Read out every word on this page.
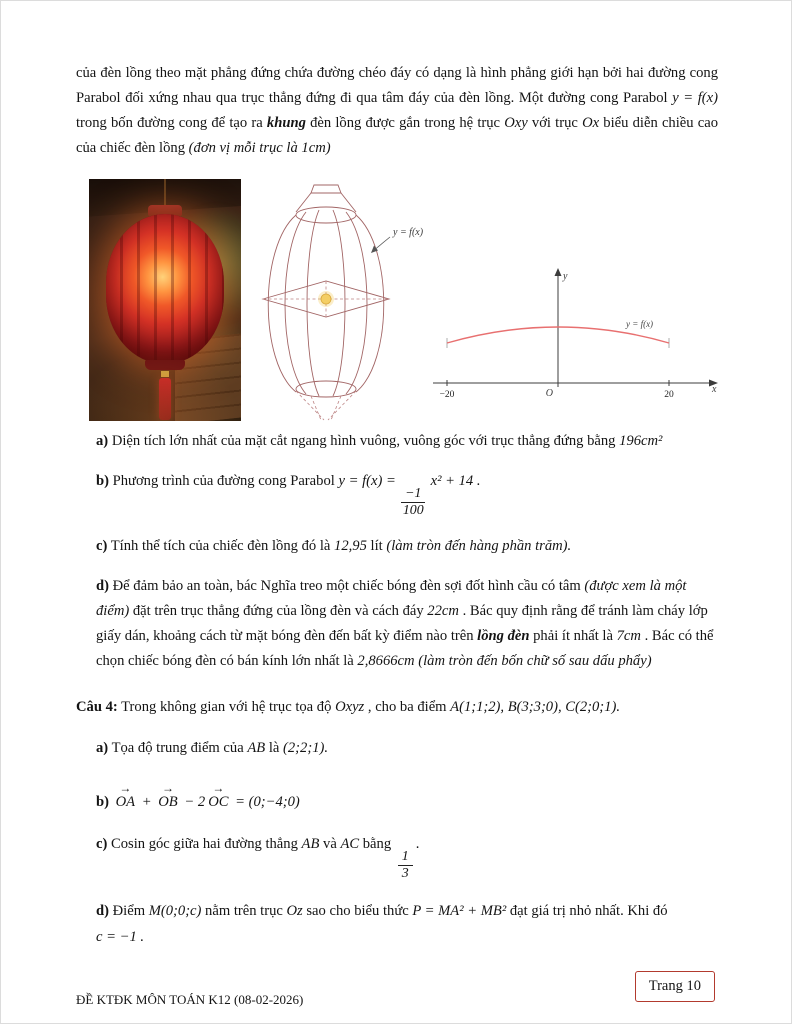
của đèn lồng theo mặt phẳng đứng chứa đường chéo đáy có dạng là hình phẳng giới hạn bởi hai đường cong Parabol đối xứng nhau qua trục thẳng đứng đi qua tâm đáy của đèn lồng. Một đường cong Parabol y = f(x) trong bốn đường cong để tạo ra khung đèn lồng được gắn trong hệ trục Oxy với trục Ox biểu diễn chiều cao của chiếc đèn lồng (đơn vị mỗi trục là 1cm)

y = f(x)
y
x
O
−20	20
y = f(x)

a) Diện tích lớn nhất của mặt cắt ngang hình vuông, vuông góc với trục thẳng đứng bằng 196cm²

b) Phương trình của đường cong Parabol y = f(x) =
$\frac{-1}{100}$
x² + 14 .

c) Tính thể tích của chiếc đèn lồng đó là 12,95 lít (làm tròn đến hàng phần trăm).

d) Để đảm bảo an toàn, bác Nghĩa treo một chiếc bóng đèn sợi đốt hình cầu có tâm (được xem là một điểm) đặt trên trục thẳng đứng của lồng đèn và cách đáy 22cm . Bác quy định rằng để tránh làm cháy lớp giấy dán, khoảng cách từ mặt bóng đèn đến bất kỳ điểm nào trên lồng đèn phải ít nhất là 7cm . Bác có thể chọn chiếc bóng đèn có bán kính lớn nhất là 2,8666cm (làm tròn đến bốn chữ số sau dấu phẩy)

Câu 4: Trong không gian với hệ trục tọa độ Oxyz , cho ba điểm A(1;1;2), B(3;3;0), C(2;0;1).

a) Tọa độ trung điểm của AB là (2;2;1).

b) OA → + OB → − 2 OC → = (0;−4;0)

c) Cosin góc giữa hai đường thẳng AB và AC bằng
$\frac{1}{3}$
.

d) Điểm M(0;0;c) nằm trên trục Oz sao cho biểu thức P = MA² + MB² đạt giá trị nhỏ nhất. Khi đó
c = −1 .

ĐỀ KTĐK MÔN TOÁN K12 (08-02-2026)
Trang 10
